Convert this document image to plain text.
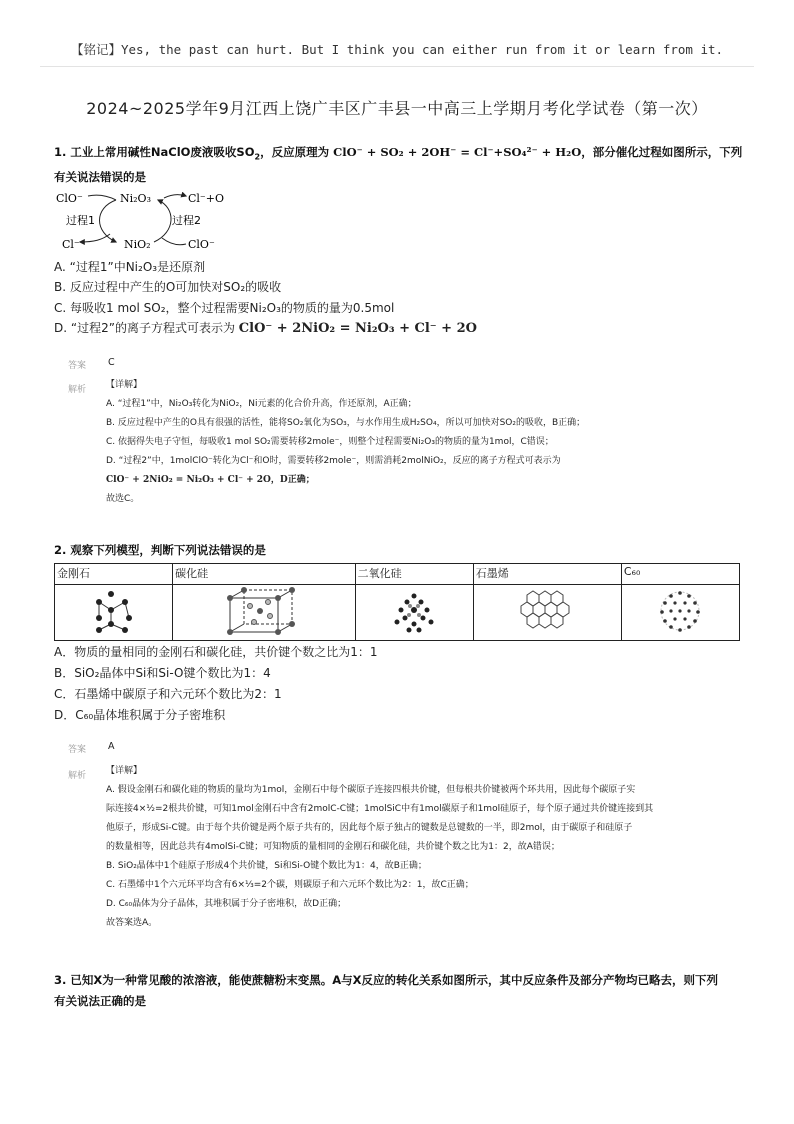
【铭记】Yes, the past can hurt. But I think you can either run from it or learn from it.
2024~2025学年9月江西上饶广丰区广丰县一中高三上学期月考化学试卷（第一次）
1. 工业上常用碱性NaClO废液吸收$SO_2$，反应原理为 ClO⁻ + SO₂ + 2OH⁻ = Cl⁻+SO₄²⁻ + H₂O，部分催化过程如图所示，下列
有关说法错误的是
ClO⁻	Ni₂O₃	Cl⁻+O
过程1	过程2
Cl⁻	NiO₂	ClO⁻
A. “过程1”中Ni₂O₃是还原剂
B. 反应过程中产生的O可加快对SO₂的吸收
C. 每吸收1 mol SO₂，整个过程需要Ni₂O₃的物质的量为0.5mol
D. “过程2”的离子方程式可表示为 ClO⁻ + 2NiO₂ = Ni₂O₃ + Cl⁻ + 2O
答案 C
解析 【详解】
A. “过程1”中，Ni₂O₃转化为NiO₂，Ni元素的化合价升高，作还原剂，A正确；
B. 反应过程中产生的O具有很强的活性，能将SO₂氧化为SO₃，与水作用生成H₂SO₄，所以可加快对SO₂的吸收，B正确；
C. 依据得失电子守恒，每吸收1 mol SO₂需要转移2mole⁻，则整个过程需要Ni₂O₃的物质的量为1mol，C错误；
D. “过程2”中，1molClO⁻转化为Cl⁻和O时，需要转移2mole⁻，则需消耗2molNiO₂，反应的离子方程式可表示为
ClO⁻ + 2NiO₂ = Ni₂O₃ + Cl⁻ + 2O，D正确；
故选C。
2. 观察下列模型，判断下列说法错误的是
金刚石	碳化硅	二氧化硅	石墨烯	C₆₀

A．物质的量相同的金刚石和碳化硅，共价键个数之比为1：1
B．SiO₂晶体中Si和Si-O键个数比为1：4
C．石墨烯中碳原子和六元环个数比为2：1
D．C₆₀晶体堆积属于分子密堆积
答案 A
解析 【详解】
A. 假设金刚石和碳化硅的物质的量均为1mol，金刚石中每个碳原子连接四根共价键，但每根共价键被两个环共用，因此每个碳原子实
际连接4×½=2根共价键，可知1mol金刚石中含有2molC-C键；1molSiC中有1mol碳原子和1mol硅原子，每个原子通过共价键连接到其
他原子，形成Si-C键。由于每个共价键是两个原子共有的，因此每个原子独占的键数是总键数的一半，即2mol，由于碳原子和硅原子
的数量相等，因此总共有4molSi-C键；可知物质的量相同的金刚石和碳化硅，共价键个数之比为1：2，故A错误；
B. SiO₂晶体中1个硅原子形成4个共价键，Si和Si-O键个数比为1：4，故B正确；
C. 石墨烯中1个六元环平均含有6×⅓=2个碳，则碳原子和六元环个数比为2：1，故C正确；
D. C₆₀晶体为分子晶体，其堆积属于分子密堆积，故D正确；
故答案选A。
3. 已知X为一种常见酸的浓溶液，能使蔗糖粉末变黑。A与X反应的转化关系如图所示，其中反应条件及部分产物均已略去，则下列
有关说法正确的是
